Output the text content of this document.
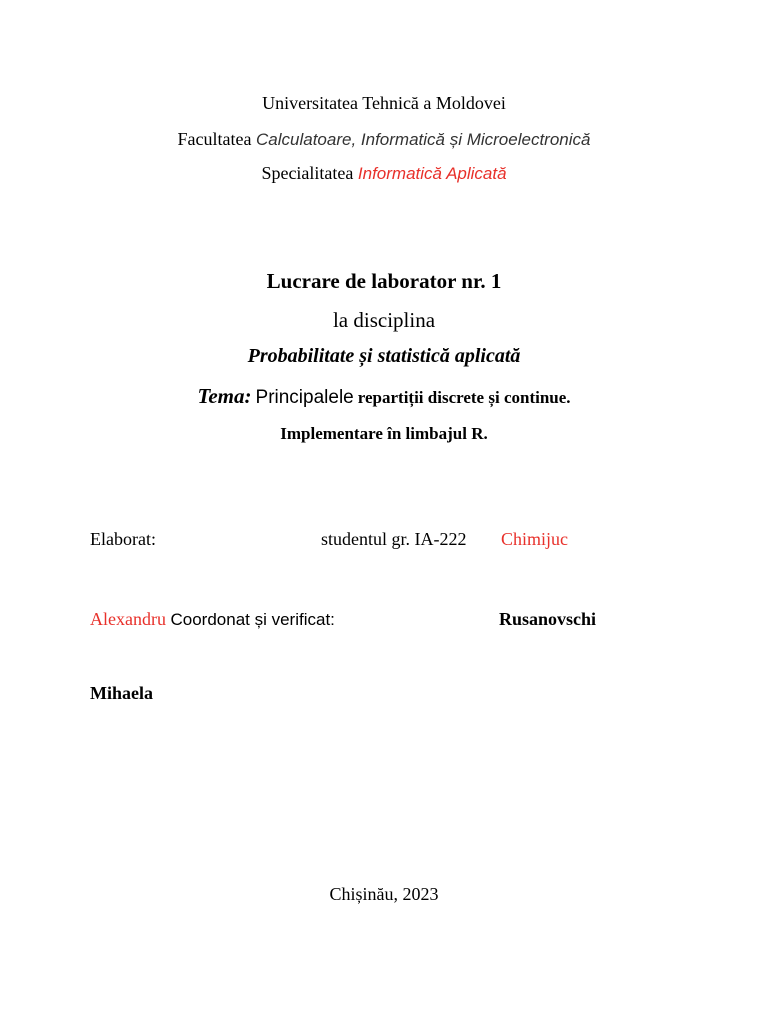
Universitatea Tehnică a Moldovei
Facultatea Calculatoare, Informatică și Microelectronică
Specialitatea Informatică Aplicată
Lucrare de laborator nr. 1
la disciplina
Probabilitate și statistică aplicată
Tema: Principalele repartiții discrete și continue.
Implementare în limbajul R.
Elaborat:	studentul gr. IA-222 Chimijuc
Alexandru Coordonat și verificat:	Rusanovschi
Mihaela
Chișinău, 2023
